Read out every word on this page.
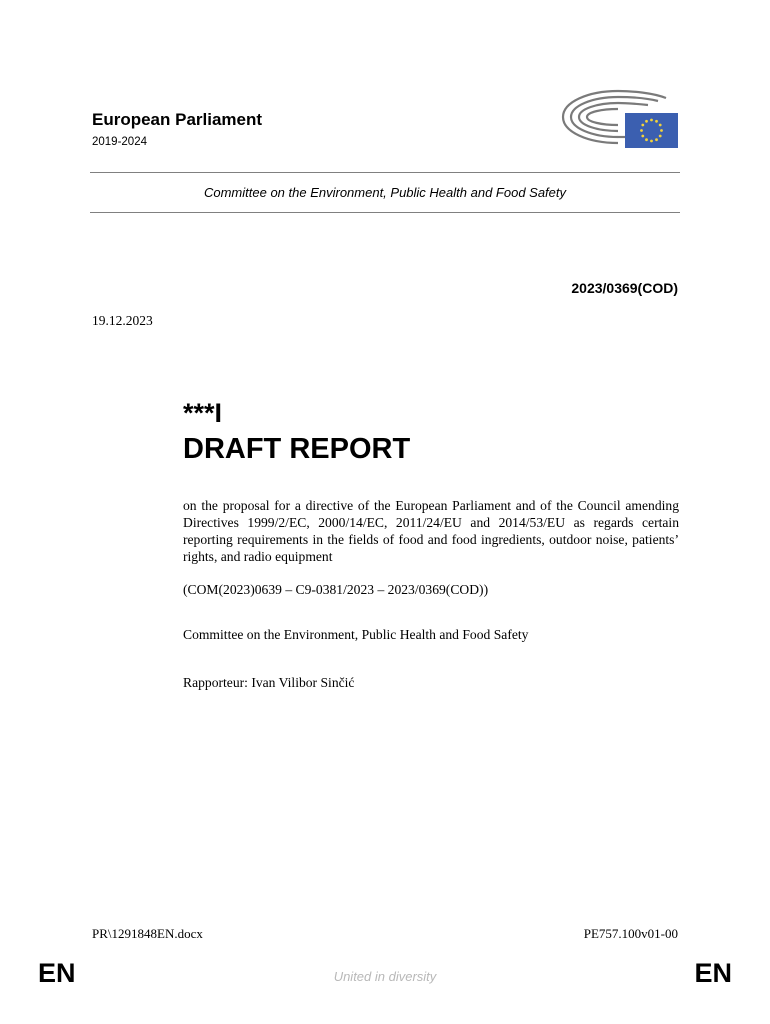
European Parliament
2019-2024
Committee on the Environment, Public Health and Food Safety
2023/0369(COD)
19.12.2023
***I
DRAFT REPORT
on the proposal for a directive of the European Parliament and of the Council amending Directives 1999/2/EC, 2000/14/EC, 2011/24/EU and 2014/53/EU as regards certain reporting requirements in the fields of food and food ingredients, outdoor noise, patients’ rights, and radio equipment
(COM(2023)0639 – C9-0381/2023 – 2023/0369(COD))
Committee on the Environment, Public Health and Food Safety
Rapporteur: Ivan Vilibor Sinčić
PR\1291848EN.docx	PE757.100v01-00
EN	United in diversity	EN
